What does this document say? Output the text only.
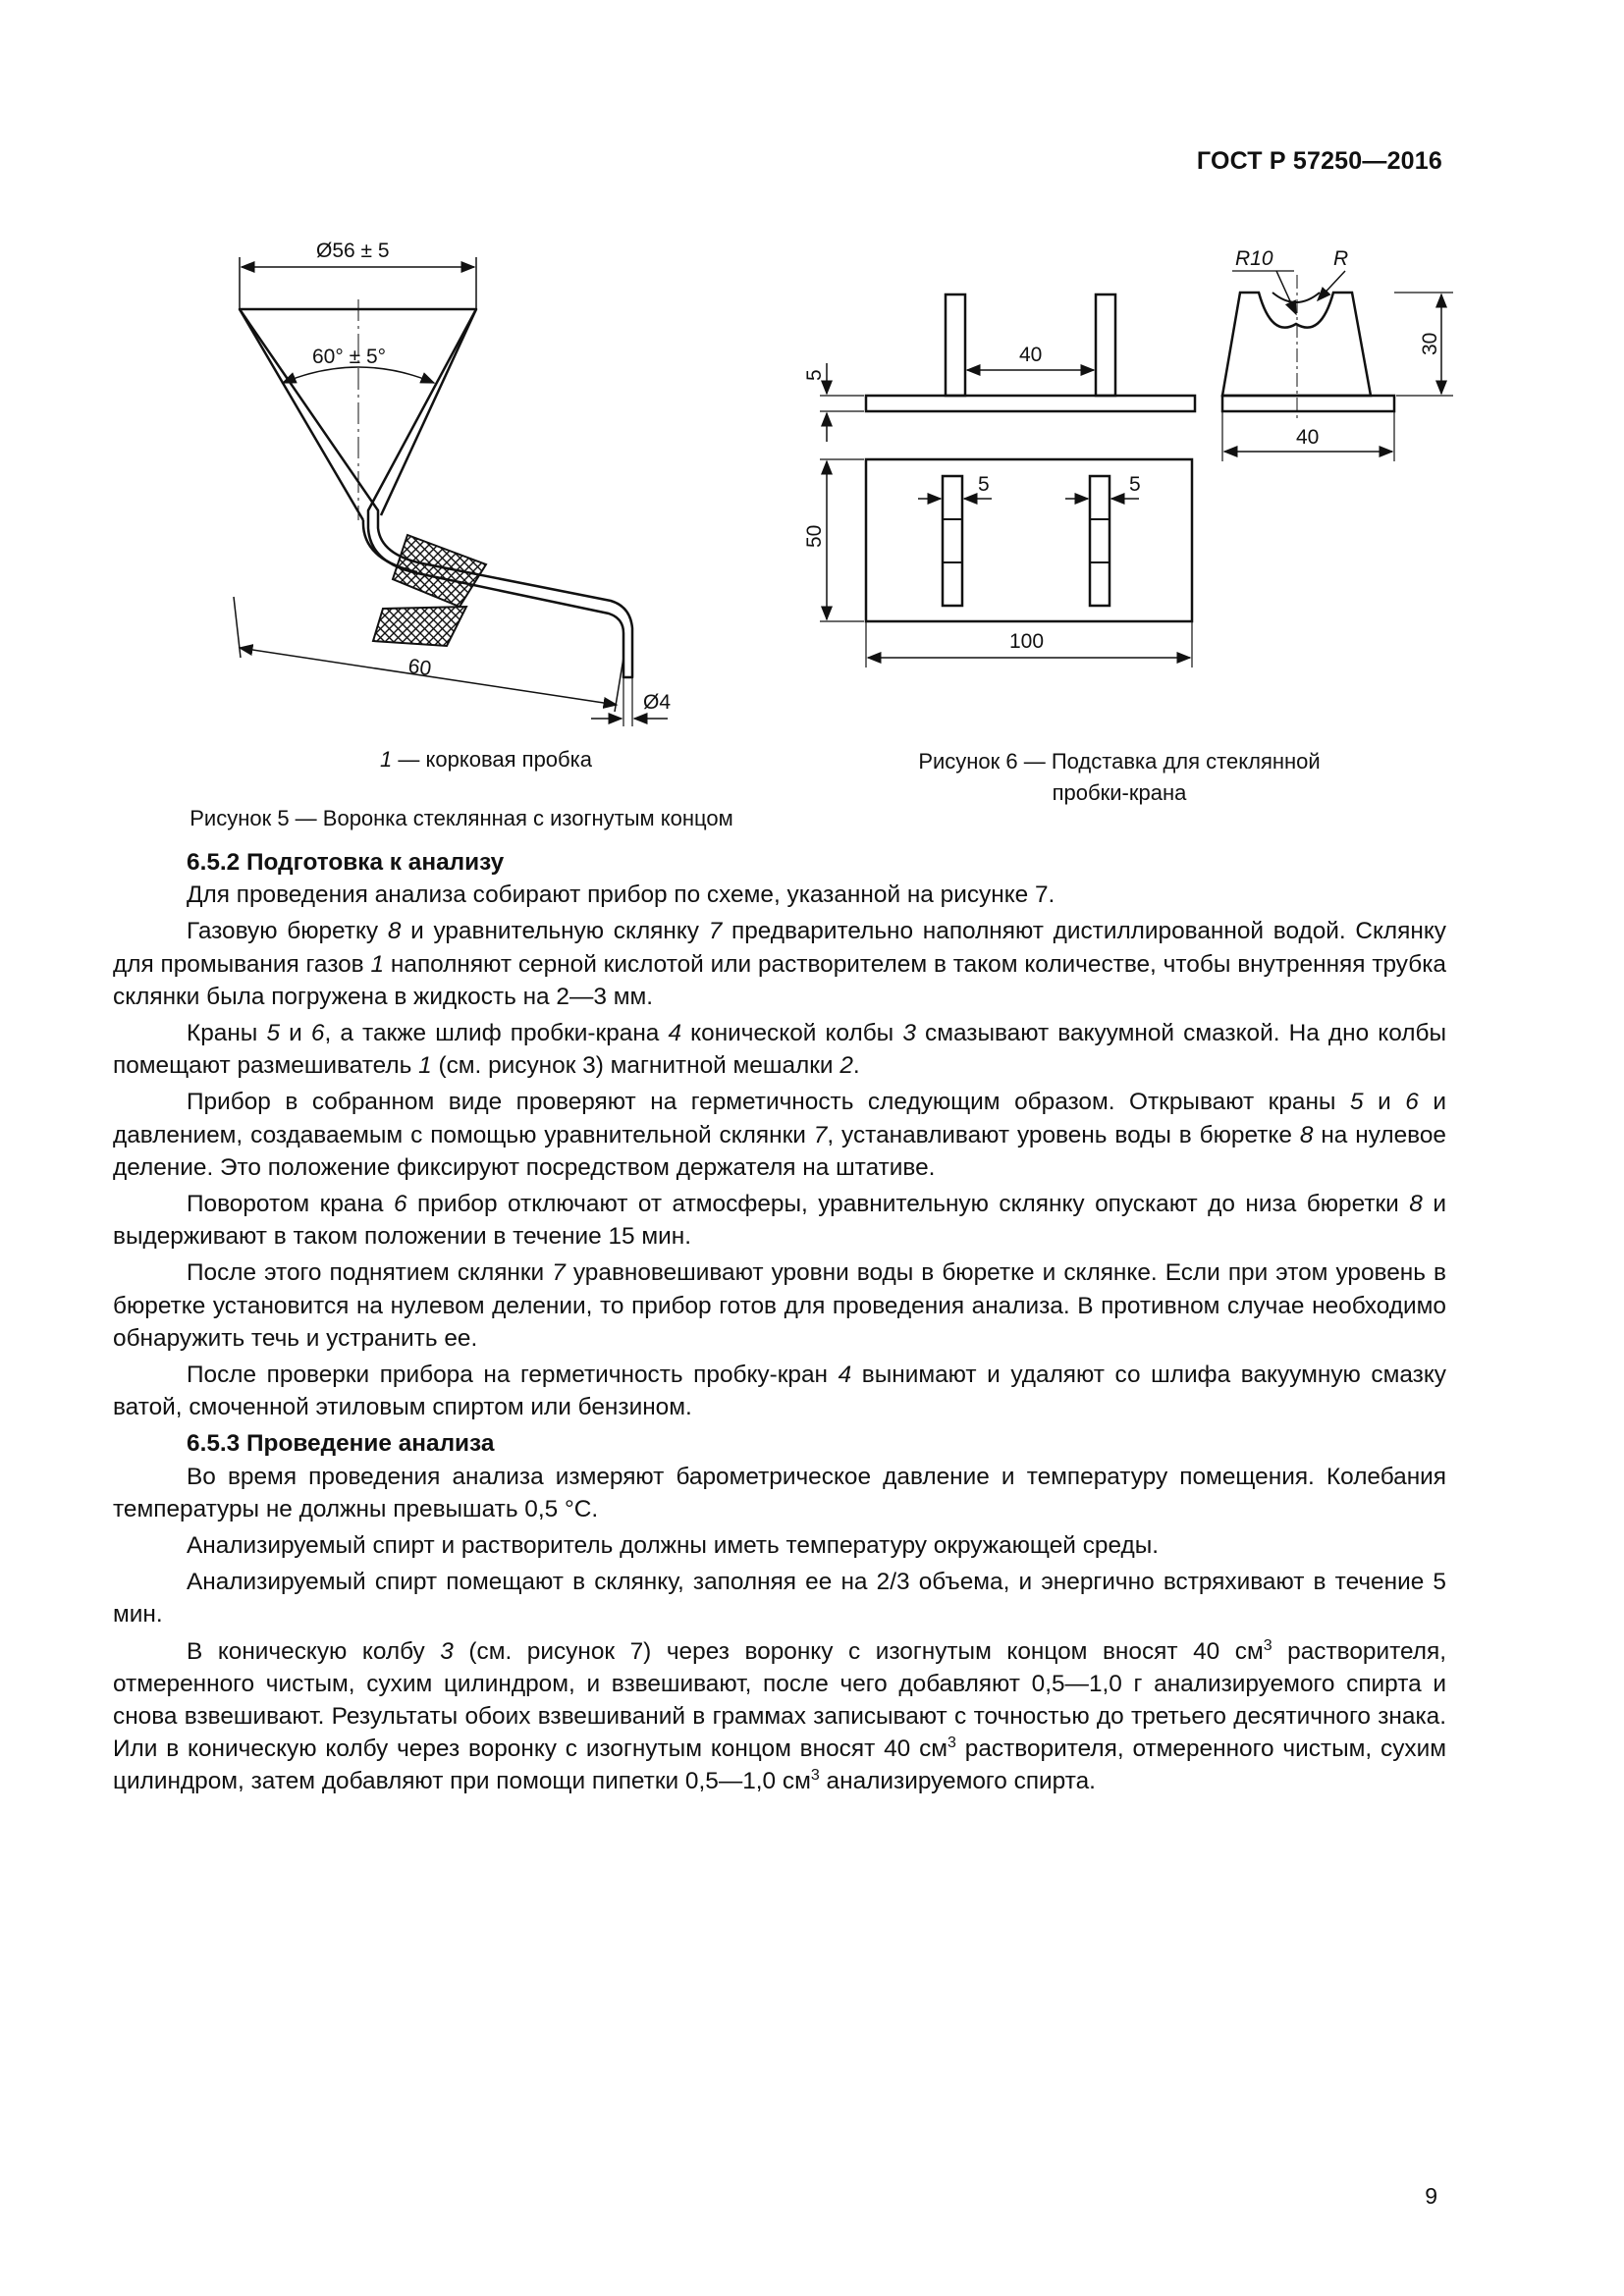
ГОСТ Р 57250—2016
Ø56 ± 5
60° ± 5°
60
Ø4
40
5
5	5
50
100
R10	R
30
40
1 — корковая пробка
Рисунок 5 — Воронка стеклянная с изогнутым концом
Рисунок 6 — Подставка для стеклянной
пробки-крана
6.5.2 Подготовка к анализу

Для проведения анализа собирают прибор по схеме, указанной на рисунке 7.

Газовую бюретку 8 и уравнительную склянку 7 предварительно наполняют дистиллированной водой. Склянку для промывания газов 1 наполняют серной кислотой или растворителем в таком количестве, чтобы внутренняя трубка склянки была погружена в жидкость на 2—3 мм.

Краны 5 и 6, а также шлиф пробки-крана 4 конической колбы 3 смазывают вакуумной смазкой. На дно колбы помещают размешиватель 1 (см. рисунок 3) магнитной мешалки 2.

Прибор в собранном виде проверяют на герметичность следующим образом. Открывают краны 5 и 6 и давлением, создаваемым с помощью уравнительной склянки 7, устанавливают уровень воды в бюретке 8 на нулевое деление. Это положение фиксируют посредством держателя на штативе.

Поворотом крана 6 прибор отключают от атмосферы, уравнительную склянку опускают до низа бюретки 8 и выдерживают в таком положении в течение 15 мин.

После этого поднятием склянки 7 уравновешивают уровни воды в бюретке и склянке. Если при этом уровень в бюретке установится на нулевом делении, то прибор готов для проведения анализа. В противном случае необходимо обнаружить течь и устранить ее.

После проверки прибора на герметичность пробку-кран 4 вынимают и удаляют со шлифа вакуумную смазку ватой, смоченной этиловым спиртом или бензином.

6.5.3 Проведение анализа

Во время проведения анализа измеряют барометрическое давление и температуру помещения. Колебания температуры не должны превышать 0,5 °С.

Анализируемый спирт и растворитель должны иметь температуру окружающей среды.

Анализируемый спирт помещают в склянку, заполняя ее на 2/3 объема, и энергично встряхивают в течение 5 мин.

В коническую колбу 3 (см. рисунок 7) через воронку с изогнутым концом вносят 40 $см^3$ растворителя, отмеренного чистым, сухим цилиндром, и взвешивают, после чего добавляют 0,5—1,0 г анализируемого спирта и снова взвешивают. Результаты обоих взвешиваний в граммах записывают с точностью до третьего десятичного знака. Или в коническую колбу через воронку с изогнутым концом вносят 40 $см^3$ растворителя, отмеренного чистым, сухим цилиндром, затем добавляют при помощи пипетки 0,5—1,0 $см^3$ анализируемого спирта.

9
